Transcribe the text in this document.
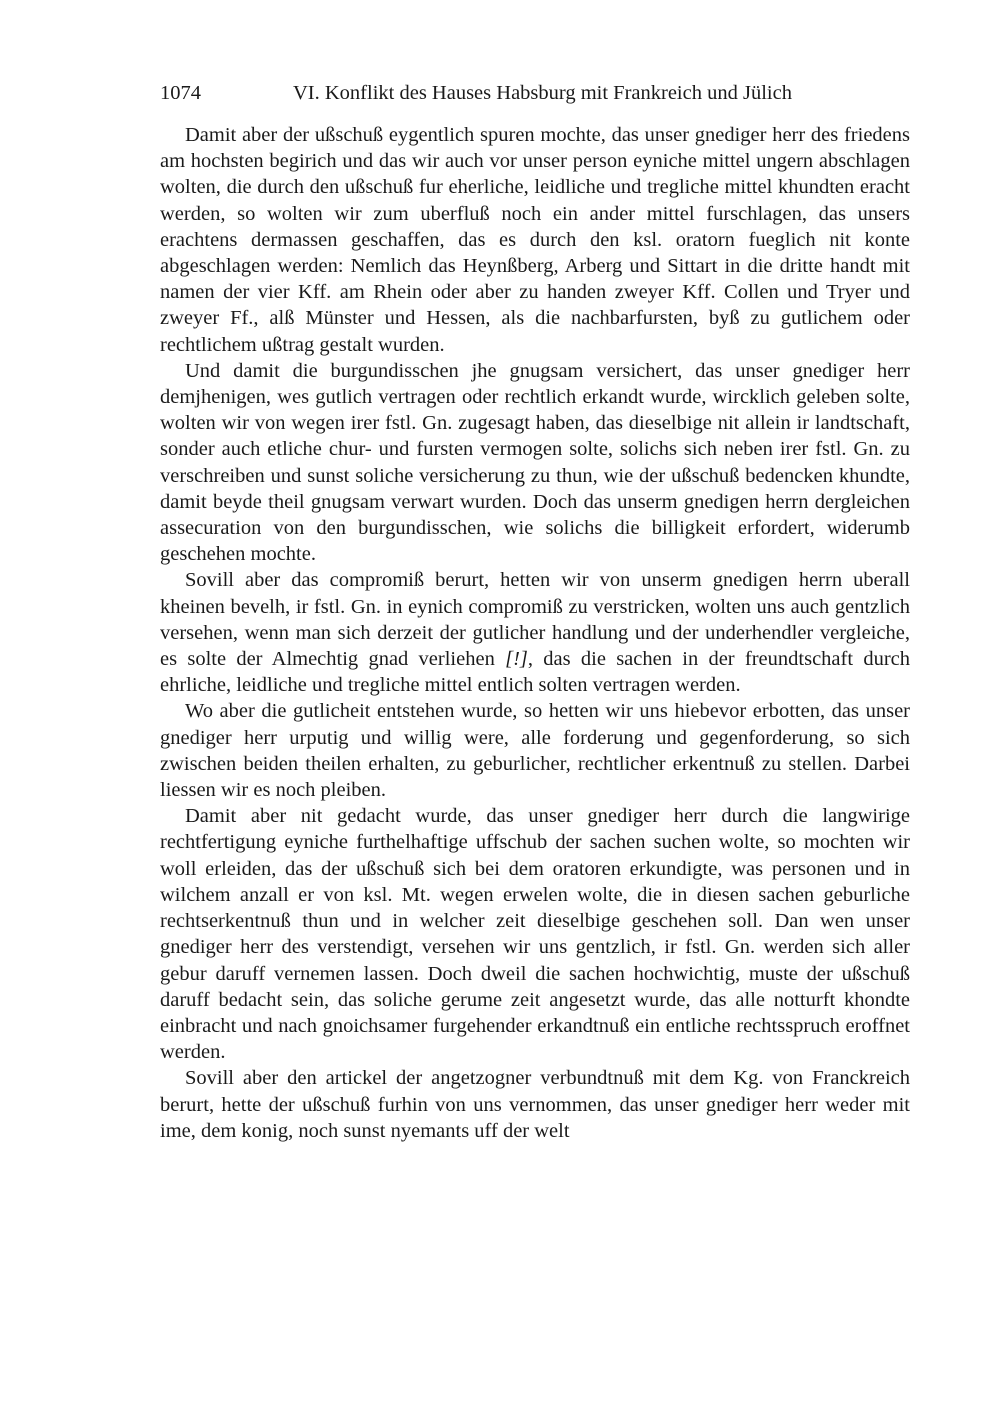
1074	VI. Konflikt des Hauses Habsburg mit Frankreich und Jülich

Damit aber der ußschuß eygentlich spuren mochte, das unser gnediger herr des friedens am hochsten begirich und das wir auch vor unser person eyniche mittel ungern abschlagen wolten, die durch den ußschuß fur eherliche, leidliche und tregliche mittel khundten eracht werden, so wolten wir zum uberfluß noch ein ander mittel furschlagen, das unsers erachtens dermassen geschaffen, das es durch den ksl. oratorn fueglich nit konte abgeschlagen werden: Nemlich das Heynßberg, Arberg und Sittart in die dritte handt mit namen der vier Kff. am Rhein oder aber zu handen zweyer Kff. Collen und Tryer und zweyer Ff., alß Münster und Hessen, als die nachbarfursten, byß zu gutlichem oder rechtlichem ußtrag gestalt wurden.

Und damit die burgundisschen jhe gnugsam versichert, das unser gnediger herr demjhenigen, wes gutlich vertragen oder rechtlich erkandt wurde, wircklich geleben solte, wolten wir von wegen irer fstl. Gn. zugesagt haben, das dieselbige nit allein ir landtschaft, sonder auch etliche chur- und fursten vermogen solte, solichs sich neben irer fstl. Gn. zu verschreiben und sunst soliche versicherung zu thun, wie der ußschuß bedencken khundte, damit beyde theil gnugsam verwart wurden. Doch das unserm gnedigen herrn dergleichen assecuration von den burgundisschen, wie solichs die billigkeit erfordert, widerumb geschehen mochte.

Sovill aber das compromiß berurt, hetten wir von unserm gnedigen herrn uberall kheinen bevelh, ir fstl. Gn. in eynich compromiß zu verstricken, wolten uns auch gentzlich versehen, wenn man sich derzeit der gutlicher handlung und der underhendler vergleiche, es solte der Almechtig gnad verliehen [!], das die sachen in der freundtschaft durch ehrliche, leidliche und tregliche mittel entlich solten vertragen werden.

Wo aber die gutlicheit entstehen wurde, so hetten wir uns hiebevor erbotten, das unser gnediger herr urputig und willig were, alle forderung und gegenforderung, so sich zwischen beiden theilen erhalten, zu geburlicher, rechtlicher erkentnuß zu stellen. Darbei liessen wir es noch pleiben.

Damit aber nit gedacht wurde, das unser gnediger herr durch die langwirige rechtfertigung eyniche furthelhaftige uffschub der sachen suchen wolte, so mochten wir woll erleiden, das der ußschuß sich bei dem oratoren erkundigte, was personen und in wilchem anzall er von ksl. Mt. wegen erwelen wolte, die in diesen sachen geburliche rechtserkentnuß thun und in welcher zeit dieselbige geschehen soll. Dan wen unser gnediger herr des verstendigt, versehen wir uns gentzlich, ir fstl. Gn. werden sich aller gebur daruff vernemen lassen. Doch dweil die sachen hochwichtig, muste der ußschuß daruff bedacht sein, das soliche gerume zeit angesetzt wurde, das alle notturft khondte einbracht und nach gnoichsamer furgehender erkandtnuß ein entliche rechtsspruch eroffnet werden.

Sovill aber den artickel der angetzogner verbundtnuß mit dem Kg. von Franckreich berurt, hette der ußschuß furhin von uns vernommen, das unser gnediger herr weder mit ime, dem konig, noch sunst nyemants uff der welt
